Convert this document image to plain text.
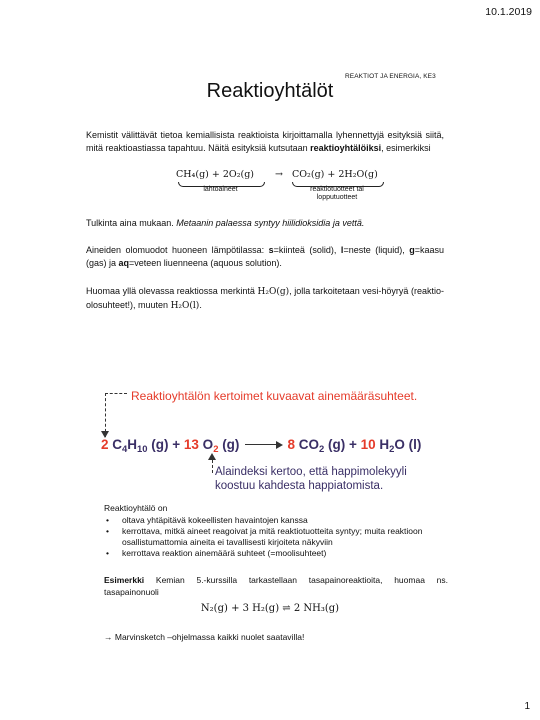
10.1.2019
REAKTIOT JA ENERGIA, KE3
Reaktioyhtälöt
Kemistit välittävät tietoa kemiallisista reaktioista kirjoittamalla lyhennettyjä esityksiä siitä, mitä reaktioastiassa tapahtuu. Näitä esityksiä kutsutaan reaktioyhtälöiksi, esimerkiksi
CH₄(g) + 2O₂(g) → CO₂(g) + 2H₂O(g)
lähtöaineet	reaktiotuotteet tai
lopputuotteet
Tulkinta aina mukaan. Metaanin palaessa syntyy hiilidioksidia ja vettä.
Aineiden olomuodot huoneen lämpötilassa: s=kiinteä (solid), l=neste (liquid), g=kaasu (gas) ja aq=veteen liuenneena (aquous solution).
Huomaa yllä olevassa reaktiossa merkintä H₂O(g), jolla tarkoitetaan vesi-höyryä (reaktio-olosuhteet!), muuten H₂O(l).
Reaktioyhtälön kertoimet kuvaavat ainemääräsuhteet.
2 $C_4H_{10}$ (g) + 13 $O_2$ (g) → 8 $CO_2$ (g) + 10 $H_2O$ (l)
Alaindeksi kertoo, että happimolekyyli
koostuu kahdesta happiatomista.
Reaktioyhtälö on
• oltava yhtäpitävä kokeellisten havaintojen kanssa
• kerrottava, mitkä aineet reagoivat ja mitä reaktiotuotteita syntyy; muita reaktioon osallistumattomia aineita ei tavallisesti kirjoiteta näkyviin
• kerrottava reaktion ainemäärä suhteet (=moolisuhteet)
Esimerkki Kemian 5.-kurssilla tarkastellaan tasapainoreaktioita, huomaa ns. tasapainonuoli
N₂(g) + 3 H₂(g) ⇌ 2 NH₃(g)
→ Marvinsketch –ohjelmassa kaikki nuolet saatavilla!
1
